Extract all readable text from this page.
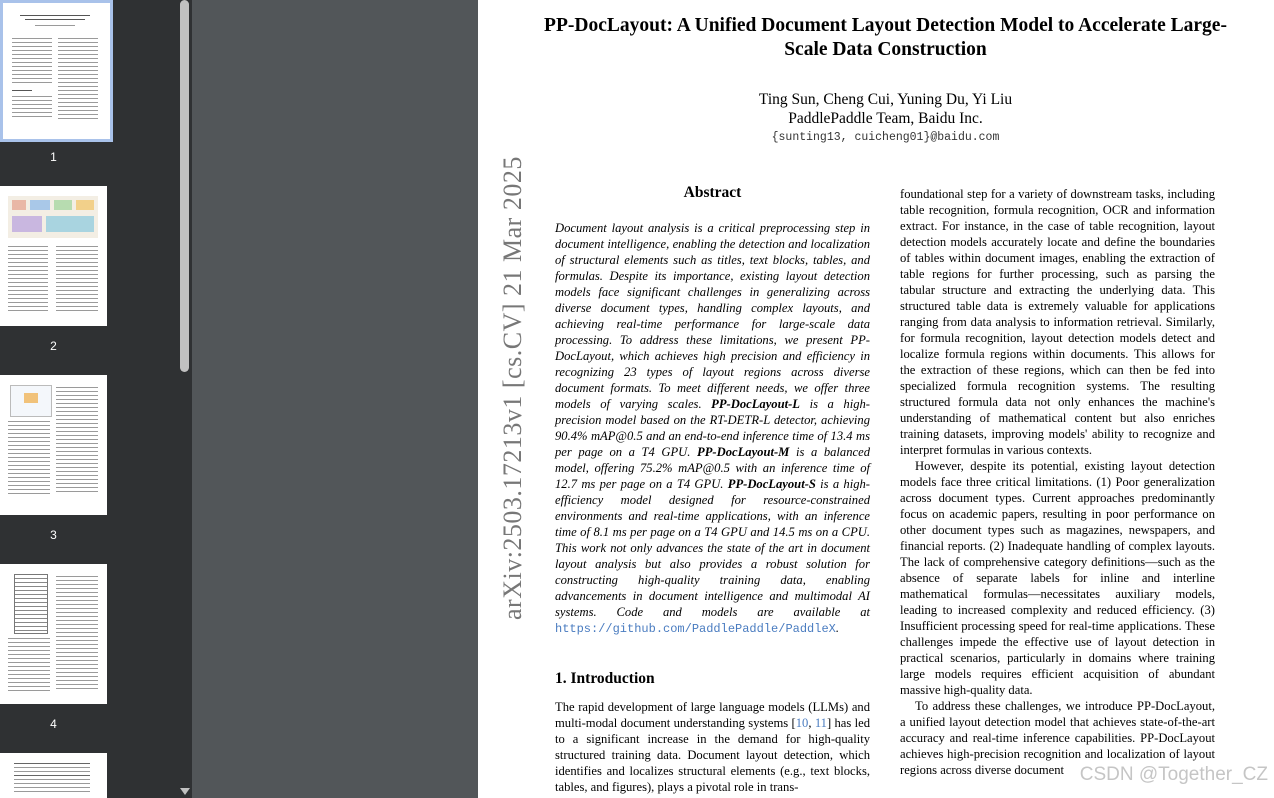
1
2
3
4
PP-DocLayout: A Unified Document Layout Detection Model to Accelerate Large-Scale Data Construction
Ting Sun, Cheng Cui, Yuning Du, Yi Liu
PaddlePaddle Team, Baidu Inc.
{sunting13, cuicheng01}@baidu.com
arXiv:2503.17213v1 [cs.CV] 21 Mar 2025	Abstract
Document layout analysis is a critical preprocessing step in document intelligence, enabling the detection and localization of structural elements such as titles, text blocks, tables, and formulas. Despite its importance, existing layout detection models face significant challenges in generalizing across diverse document types, handling complex layouts, and achieving real-time performance for large-scale data processing. To address these limitations, we present PP-DocLayout, which achieves high precision and efficiency in recognizing 23 types of layout regions across diverse document formats. To meet different needs, we offer three models of varying scales. PP-DocLayout-L is a high-precision model based on the RT-DETR-L detector, achieving 90.4% mAP@0.5 and an end-to-end inference time of 13.4 ms per page on a T4 GPU. PP-DocLayout-M is a balanced model, offering 75.2% mAP@0.5 with an inference time of 12.7 ms per page on a T4 GPU. PP-DocLayout-S is a high-efficiency model designed for resource-constrained environments and real-time applications, with an inference time of 8.1 ms per page on a T4 GPU and 14.5 ms on a CPU. This work not only advances the state of the art in document layout analysis but also provides a robust solution for constructing high-quality training data, enabling advancements in document intelligence and multimodal AI systems. Code and models are available at https://github.com/PaddlePaddle/PaddleX.
1. Introduction
The rapid development of large language models (LLMs) and multi-modal document understanding systems [10, 11] has led to a significant increase in the demand for high-quality structured training data. Document layout detection, which identifies and localizes structural elements (e.g., text blocks, tables, and figures), plays a pivotal role in trans-

foundational step for a variety of downstream tasks, including table recognition, formula recognition, OCR and information extract. For instance, in the case of table recognition, layout detection models accurately locate and define the boundaries of tables within document images, enabling the extraction of table regions for further processing, such as parsing the tabular structure and extracting the underlying data. This structured table data is extremely valuable for applications ranging from data analysis to information retrieval. Similarly, for formula recognition, layout detection models detect and localize formula regions within documents. This allows for the extraction of these regions, which can then be fed into specialized formula recognition systems. The resulting structured formula data not only enhances the machine's understanding of mathematical content but also enriches training datasets, improving models' ability to recognize and interpret formulas in various contexts.

However, despite its potential, existing layout detection models face three critical limitations. (1) Poor generalization across document types. Current approaches predominantly focus on academic papers, resulting in poor performance on other document types such as magazines, newspapers, and financial reports. (2) Inadequate handling of complex layouts. The lack of comprehensive category definitions—such as the absence of separate labels for inline and interline mathematical formulas—necessitates auxiliary models, leading to increased complexity and reduced efficiency. (3) Insufficient processing speed for real-time applications. These challenges impede the effective use of layout detection in practical scenarios, particularly in domains where training large models requires efficient acquisition of abundant massive high-quality data.

To address these challenges, we introduce PP-DocLayout, a unified layout detection model that achieves state-of-the-art accuracy and real-time inference capabilities. PP-DocLayout achieves high-precision recognition and localization of layout regions across diverse document CSDN @Together_CZ
